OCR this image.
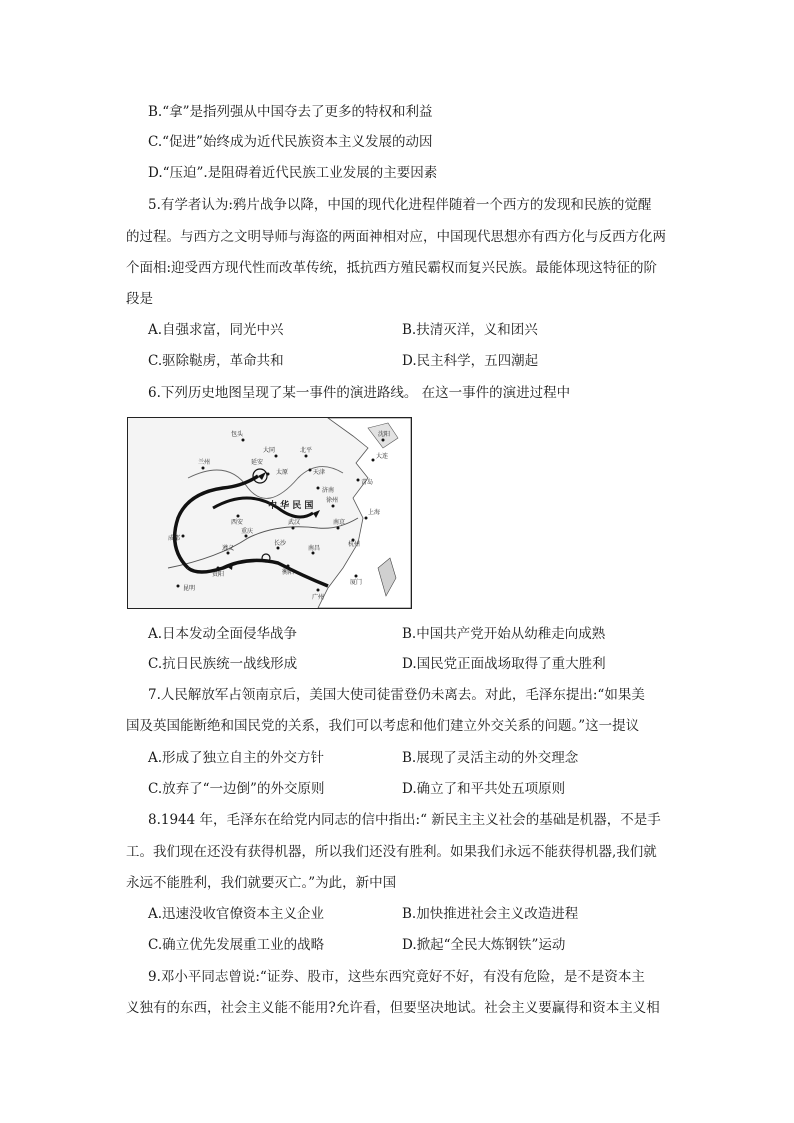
B.“拿”是指列强从中国夺去了更多的特权和利益
C.“促进”始终成为近代民族资本主义发展的动因
D.“压迫”.是阻碍着近代民族工业发展的主要因素
5.有学者认为:鸦片战争以降，中国的现代化进程伴随着一个西方的发现和民族的觉醒
的过程。与西方之文明导师与海盗的两面神相对应，中国现代思想亦有西方化与反西方化两
个面相:迎受西方现代性而改革传统，抵抗西方殖民霸权而复兴民族。最能体现这特征的阶
段是
A.自强求富，同光中兴	B.扶清灭洋，义和团兴
C.驱除鞑虏，革命共和	D.民主科学，五四潮起
6.下列历史地图呈现了某一事件的演进路线。 在这一事件的演进过程中
包头
大同	北平
天津
太原
济南
兰州	延安
西安
中 华 民 国
徐州
青岛
成都
武汉	南京
杭州
长沙
南昌
遵义
贵阳
昆明
衡阳
广州
厦门
沈阳
大连
重庆
上海
A.日本发动全面侵华战争	B.中国共产党开始从幼稚走向成熟
C.抗日民族统一战线形成	D.国民党正面战场取得了重大胜利
7.人民解放军占领南京后，美国大使司徒雷登仍未离去。对此，毛泽东提出:“如果美
国及英国能断绝和国民党的关系，我们可以考虑和他们建立外交关系的问题。”这一提议
A.形成了独立自主的外交方针	B.展现了灵活主动的外交理念
C.放弃了“一边倒”的外交原则	D.确立了和平共处五项原则
8.1944 年，毛泽东在给党内同志的信中指出:“ 新民主主义社会的基础是机器，不是手
工。我们现在还没有获得机器，所以我们还没有胜利。如果我们永远不能获得机器,我们就
永远不能胜利，我们就要灭亡。”为此，新中国
A.迅速没收官僚资本主义企业	B.加快推进社会主义改造进程
C.确立优先发展重工业的战略	D.掀起“全民大炼钢铁”运动
9.邓小平同志曾说:“证券、股市，这些东西究竟好不好，有没有危险，是不是资本主
义独有的东西，社会主义能不能用?允许看，但要坚决地试。社会主义要赢得和资本主义相
